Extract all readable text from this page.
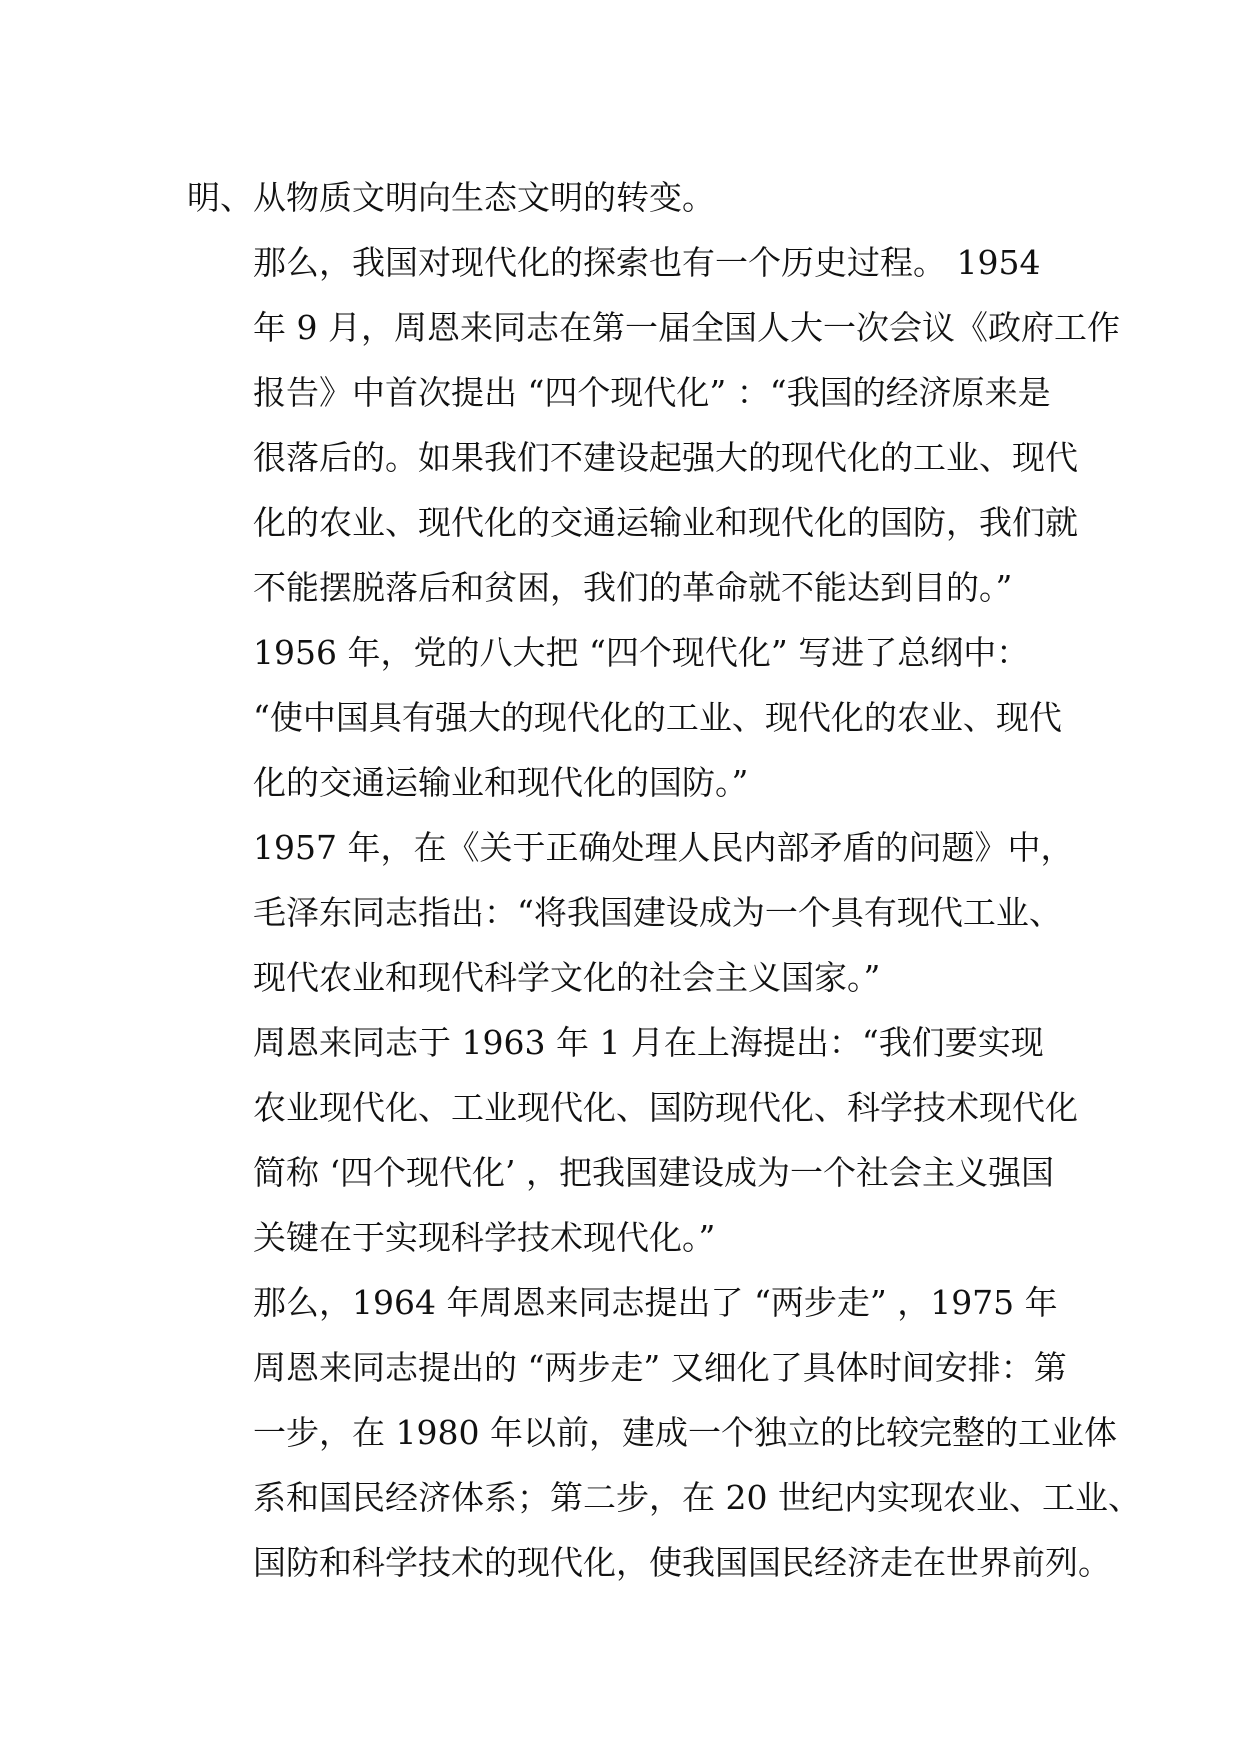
明、从物质文明向生态文明的转变。

那么，我国对现代化的探索也有一个历史过程。 1954
年 9 月，周恩来同志在第一届全国人大一次会议《政府工作
报告》中首次提出 “四个现代化” ：“我国的经济原来是
很落后的。如果我们不建设起强大的现代化的工业、现代
化的农业、现代化的交通运输业和现代化的国防，我们就
不能摆脱落后和贫困，我们的革命就不能达到目的。”

1956 年，党的八大把 “四个现代化” 写进了总纲中：
“使中国具有强大的现代化的工业、现代化的农业、现代
化的交通运输业和现代化的国防。”

1957 年，在《关于正确处理人民内部矛盾的问题》中，
毛泽东同志指出：“将我国建设成为一个具有现代工业、
现代农业和现代科学文化的社会主义国家。”

周恩来同志于 1963 年 1 月在上海提出：“我们要实现
农业现代化、工业现代化、国防现代化、科学技术现代化
简称 ‘四个现代化’ ，把我国建设成为一个社会主义强国
关键在于实现科学技术现代化。”

那么，1964 年周恩来同志提出了 “两步走” ，1975 年
周恩来同志提出的 “两步走” 又细化了具体时间安排：第
一步，在 1980 年以前，建成一个独立的比较完整的工业体
系和国民经济体系；第二步，在 20 世纪内实现农业、工业、
国防和科学技术的现代化，使我国国民经济走在世界前列。
